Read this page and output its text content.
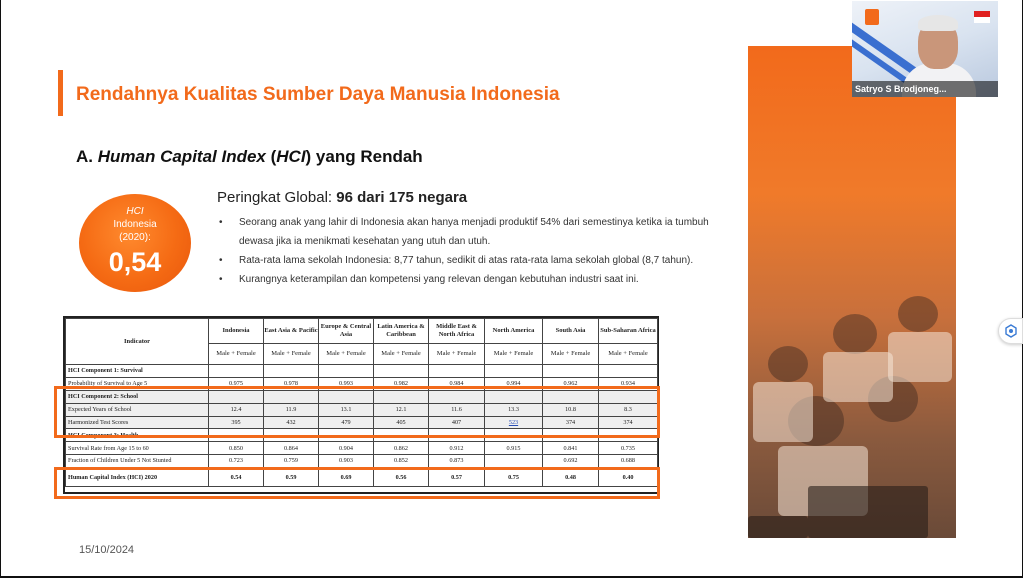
Rendahnya Kualitas Sumber Daya Manusia Indonesia
A. Human Capital Index (HCI) yang Rendah
HCI
Indonesia
(2020):
0,54
Peringkat Global: 96 dari 175 negara
• Seorang anak yang lahir di Indonesia akan hanya menjadi produktif 54% dari semestinya ketika ia tumbuh dewasa jika ia menikmati kesehatan yang utuh dan utuh.
• Rata-rata lama sekolah Indonesia: 8,77 tahun, sedikit di atas rata-rata lama sekolah global (8,7 tahun).
• Kurangnya keterampilan dan kompetensi yang relevan dengan kebutuhan industri saat ini.
Indicator	Indonesia	East Asia & Pacific	Europe & Central Asia	Latin America & Caribbean	Middle East & North Africa	North America	South Asia	Sub-Saharan Africa
	Male + Female	Male + Female	Male + Female	Male + Female	Male + Female	Male + Female	Male + Female	Male + Female
HCI Component 1: Survival								
Probability of Survival to Age 5	0.975	0.978	0.993	0.982	0.984	0.994	0.962	0.934
HCI Component 2: School								
Expected Years of School	12.4	11.9	13.1	12.1	11.6	13.3	10.8	8.3
Harmonized Test Scores	395	432	479	405	407	523	374	374
HCI Component 3: Health								
Survival Rate from Age 15 to 60	0.850	0.864	0.904	0.862	0.912	0.915	0.841	0.735
Fraction of Children Under 5 Not Stunted	0.723	0.759	0.903	0.852	0.873		0.692	0.688
Human Capital Index (HCI) 2020	0.54	0.59	0.69	0.56	0.57	0.75	0.48	0.40
15/10/2024
Satryo S Brodjoneg...
